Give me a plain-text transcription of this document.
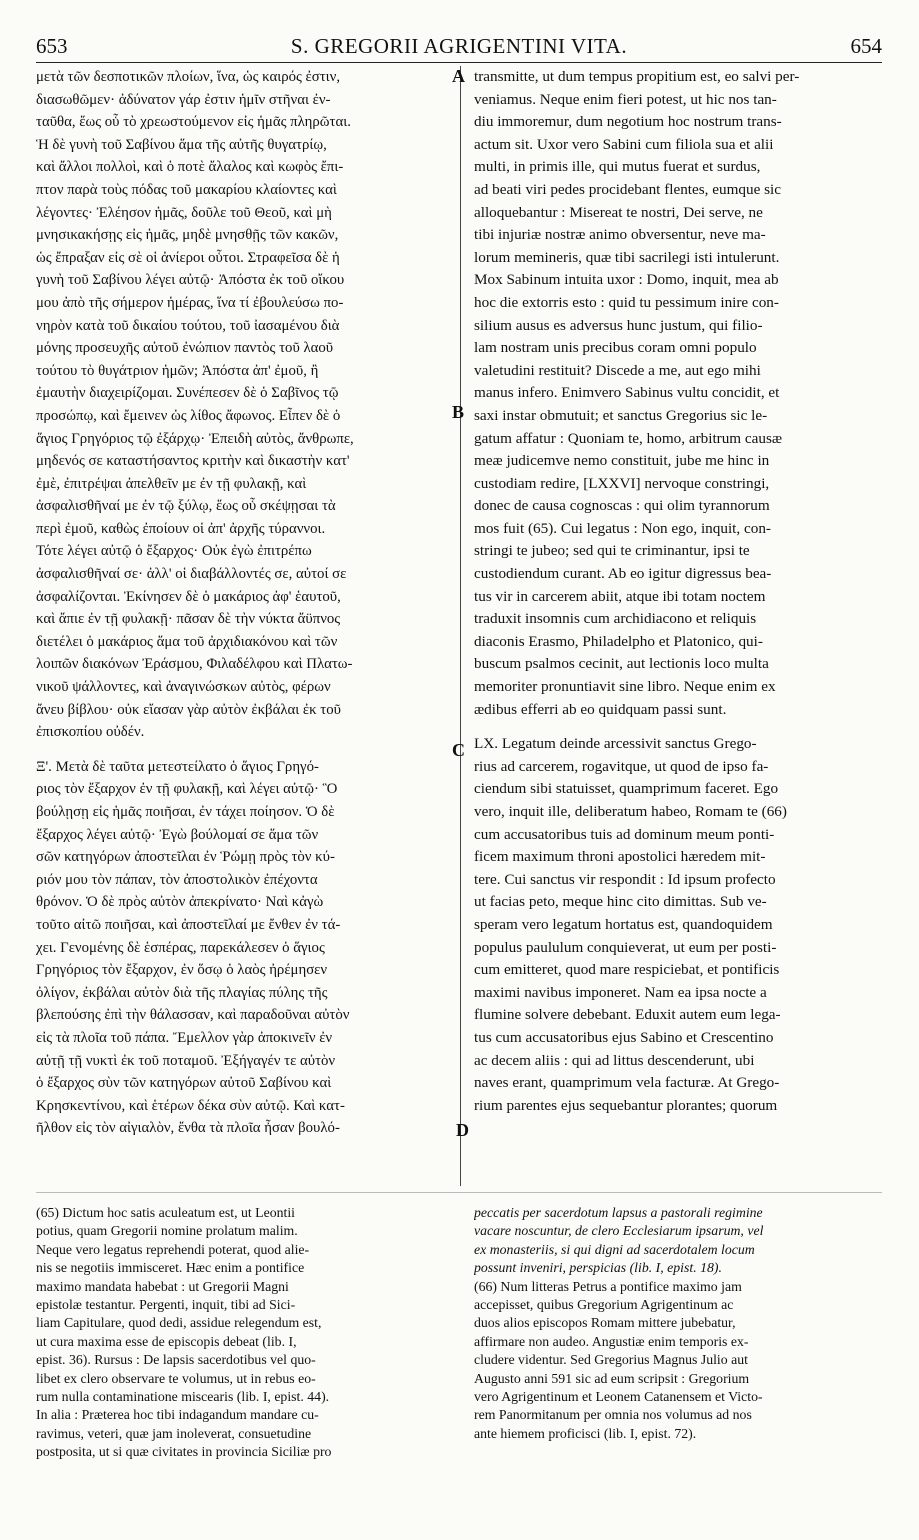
653	S. GREGORII AGRIGENTINI VITA.	654
μετὰ τῶν δεσποτικῶν πλοίων, ἵνα, ὡς καιρός ἐστιν,
διασωθῶμεν· ἀδύνατον γάρ ἐστιν ἡμῖν στῆναι ἐν-
ταῦθα, ἕως οὗ τὸ χρεωστούμενον εἰς ἡμᾶς πληρῶται.
Ἡ δὲ γυνὴ τοῦ Σαβίνου ἅμα τῆς αὐτῆς θυγατρίῳ,
καὶ ἄλλοι πολλοὶ, καὶ ὁ ποτὲ ἄλαλος καὶ κωφὸς ἔπι-
πτον παρὰ τοὺς πόδας τοῦ μακαρίου κλαίοντες καὶ
λέγοντες· Ἐλέησον ἡμᾶς, δοῦλε τοῦ Θεοῦ, καὶ μὴ
μνησικακήσῃς εἰς ἡμᾶς, μηδὲ μνησθῇς τῶν κακῶν,
ὡς ἔπραξαν εἰς σὲ οἱ ἀνίεροι οὗτοι. Στραφεῖσα δὲ ἡ
γυνὴ τοῦ Σαβίνου λέγει αὐτῷ· Ἀπόστα ἐκ τοῦ οἴκου
μου ἀπὸ τῆς σήμερον ἡμέρας, ἵνα τί ἐβουλεύσω πο-
νηρὸν κατὰ τοῦ δικαίου τούτου, τοῦ ἰασαμένου διὰ
μόνης προσευχῆς αὐτοῦ ἐνώπιον παντὸς τοῦ λαοῦ
τούτου τὸ θυγάτριον ἡμῶν; Ἀπόστα ἀπ' ἐμοῦ, ἢ
ἐμαυτὴν διαχειρίζομαι. Συνέπεσεν δὲ ὁ Σαβῖνος τῷ
προσώπῳ, καὶ ἔμεινεν ὡς λίθος ἄφωνος. Εἶπεν δὲ ὁ
ἅγιος Γρηγόριος τῷ ἐξάρχῳ· Ἐπειδὴ αὐτὸς, ἄνθρωπε,
μηδενός σε καταστήσαντος κριτὴν καὶ δικαστὴν κατ'
ἐμὲ, ἐπιτρέψαι ἀπελθεῖν με ἐν τῇ φυλακῇ, καὶ
ἀσφαλισθῆναί με ἐν τῷ ξύλῳ, ἕως οὗ σκέψῃσαι τὰ
περὶ ἐμοῦ, καθὼς ἐποίουν οἱ ἀπ' ἀρχῆς τύραννοι.
Τότε λέγει αὐτῷ ὁ ἔξαρχος· Οὐκ ἐγὼ ἐπιτρέπω
ἀσφαλισθῆναί σε· ἀλλ' οἱ διαβάλλοντές σε, αὐτοί σε
ἀσφαλίζονται. Ἐκίνησεν δὲ ὁ μακάριος ἀφ' ἑαυτοῦ,
καὶ ἄπιε ἐν τῇ φυλακῇ· πᾶσαν δὲ τὴν νύκτα ἄϋπνος
διετέλει ὁ μακάριος ἅμα τοῦ ἀρχιδιακόνου καὶ τῶν
λοιπῶν διακόνων Ἐράσμου, Φιλαδέλφου καὶ Πλατω-
νικοῦ ψάλλοντες, καὶ ἀναγινώσκων αὐτὸς, φέρων
ἄνευ βίβλου· οὐκ εἴασαν γὰρ αὐτὸν ἐκβάλαι ἐκ τοῦ
ἐπισκοπίου οὐδέν.
Ξ'. Μετὰ δὲ ταῦτα μετεστείλατο ὁ ἅγιος Γρηγό-
ριος τὸν ἔξαρχον ἐν τῇ φυλακῇ, καὶ λέγει αὐτῷ· Ὃ
βούλῃσῃ εἰς ἡμᾶς ποιῆσαι, ἐν τάχει ποίησον. Ὁ δὲ
ἔξαρχος λέγει αὐτῷ· Ἐγὼ βούλομαί σε ἅμα τῶν
σῶν κατηγόρων ἀποστεῖλαι ἐν Ῥώμῃ πρὸς τὸν κύ-
ριόν μου τὸν πάπαν, τὸν ἀποστολικὸν ἐπέχοντα
θρόνον. Ὁ δὲ πρὸς αὐτὸν ἀπεκρίνατο· Ναὶ κἀγὼ
τοῦτο αἰτῶ ποιῆσαι, καὶ ἀποστεῖλαί με ἔνθεν ἐν τά-
χει. Γενομένης δὲ ἑσπέρας, παρεκάλεσεν ὁ ἅγιος
Γρηγόριος τὸν ἔξαρχον, ἐν ὅσῳ ὁ λαὸς ἠρέμησεν
ὀλίγον, ἐκβάλαι αὐτὸν διὰ τῆς πλαγίας πύλης τῆς
βλεπούσης ἐπὶ τὴν θάλασσαν, καὶ παραδοῦναι αὐτὸν
εἰς τὰ πλοῖα τοῦ πάπα. Ἔμελλον γὰρ ἀποκινεῖν ἐν
αὐτῇ τῇ νυκτὶ ἐκ τοῦ ποταμοῦ. Ἐξήγαγέν τε αὐτὸν
ὁ ἔξαρχος σὺν τῶν κατηγόρων αὐτοῦ Σαβίνου καὶ
Κρησκεντίνου, καὶ ἑτέρων δέκα σὺν αὐτῷ. Καὶ κατ-
ῆλθον εἰς τὸν αἰγιαλὸν, ἔνθα τὰ πλοῖα ἦσαν βουλό-
transmitte, ut dum tempus propitium est, eo salvi per-
veniamus. Neque enim fieri potest, ut hic nos tan-
diu immoremur, dum negotium hoc nostrum trans-
actum sit. Uxor vero Sabini cum filiola sua et alii
multi, in primis ille, qui mutus fuerat et surdus,
ad beati viri pedes procidebant flentes, eumque sic
alloquebantur : Misereat te nostri, Dei serve, ne
tibi injuriæ nostræ animo obversentur, neve ma-
lorum memineris, quæ tibi sacrilegi isti intulerunt.
Mox Sabinum intuita uxor : Domo, inquit, mea ab
hoc die extorris esto : quid tu pessimum inire con-
silium ausus es adversus hunc justum, qui filio-
lam nostram unis precibus coram omni populo
valetudini restituit? Discede a me, aut ego mihi
manus infero. Enimvero Sabinus vultu concidit, et
saxi instar obmutuit; et sanctus Gregorius sic le-
gatum affatur : Quoniam te, homo, arbitrum causæ
meæ judicemve nemo constituit, jube me hinc in
custodiam redire, [LXXVI] nervoque constringi,
donec de causa cognoscas : qui olim tyrannorum
mos fuit (65). Cui legatus : Non ego, inquit, con-
stringi te jubeo; sed qui te criminantur, ipsi te
custodiendum curant. Ab eo igitur digressus bea-
tus vir in carcerem abiit, atque ibi totam noctem
traduxit insomnis cum archidiacono et reliquis
diaconis Erasmo, Philadelpho et Platonico, qui-
buscum psalmos cecinit, aut lectionis loco multa
memoriter pronuntiavit sine libro. Neque enim ex
ædibus efferri ab eo quidquam passi sunt.
LX. Legatum deinde arcessivit sanctus Grego-
rius ad carcerem, rogavitque, ut quod de ipso fa-
ciendum sibi statuisset, quamprimum faceret. Ego
vero, inquit ille, deliberatum habeo, Romam te (66)
cum accusatoribus tuis ad dominum meum ponti-
ficem maximum throni apostolici hæredem mit-
tere. Cui sanctus vir respondit : Id ipsum profecto
ut facias peto, meque hinc cito dimittas. Sub ve-
speram vero legatum hortatus est, quandoquidem
populus paululum conquieverat, ut eum per posti-
cum emitteret, quod mare respiciebat, et pontificis
maximi navibus imponeret. Nam ea ipsa nocte a
flumine solvere debebant. Eduxit autem eum lega-
tus cum accusatoribus ejus Sabino et Crescentino
ac decem aliis : qui ad littus descenderunt, ubi
naves erant, quamprimum vela facturæ. At Grego-
rium parentes ejus sequebantur plorantes; quorum
A
B
C
D
(65) Dictum hoc satis aculeatum est, ut Leontii
potius, quam Gregorii nomine prolatum malim.
Neque vero legatus reprehendi poterat, quod alie-
nis se negotiis immisceret. Hæc enim a pontifice
maximo mandata habebat : ut Gregorii Magni
epistolæ testantur. Pergenti, inquit, tibi ad Sici-
liam Capitulare, quod dedi, assidue relegendum est,
ut cura maxima esse de episcopis debeat (lib. I,
epist. 36). Rursus : De lapsis sacerdotibus vel quo-
libet ex clero observare te volumus, ut in rebus eo-
rum nulla contaminatione miscearis (lib. I, epist. 44).
In alia : Præterea hoc tibi indagandum mandare cu-
ravimus, veteri, quæ jam inoleverat, consuetudine
postposita, ut si quæ civitates in provincia Siciliæ pro
peccatis per sacerdotum lapsus a pastorali regimine
vacare noscuntur, de clero Ecclesiarum ipsarum, vel
ex monasteriis, si qui digni ad sacerdotalem locum
possunt inveniri, perspicias (lib. I, epist. 18).
(66) Num litteras Petrus a pontifice maximo jam
accepisset, quibus Gregorium Agrigentinum ac
duos alios episcopos Romam mittere jubebatur,
affirmare non audeo. Angustiæ enim temporis ex-
cludere videntur. Sed Gregorius Magnus Julio aut
Augusto anni 591 sic ad eum scripsit : Gregorium
vero Agrigentinum et Leonem Catanensem et Victo-
rem Panormitanum per omnia nos volumus ad nos
ante hiemem proficisci (lib. I, epist. 72).
